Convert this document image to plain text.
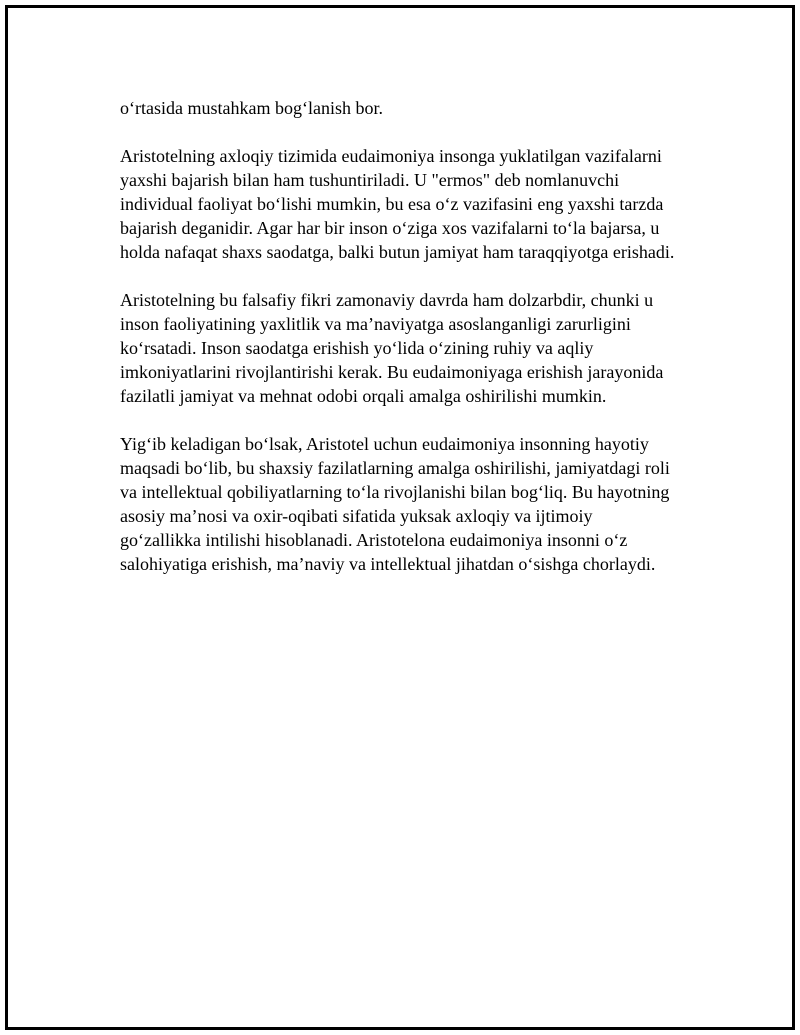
o‘rtasida mustahkam bog‘lanish bor.

Aristotelning axloqiy tizimida eudaimoniya insonga yuklatilgan vazifalarni
yaxshi bajarish bilan ham tushuntiriladi. U "ermos" deb nomlanuvchi
individual faoliyat bo‘lishi mumkin, bu esa o‘z vazifasini eng yaxshi tarzda
bajarish deganidir. Agar har bir inson o‘ziga xos vazifalarni to‘la bajarsa, u
holda nafaqat shaxs saodatga, balki butun jamiyat ham taraqqiyotga erishadi.

Aristotelning bu falsafiy fikri zamonaviy davrda ham dolzarbdir, chunki u
inson faoliyatining yaxlitlik va ma’naviyatga asoslanganligi zarurligini
ko‘rsatadi. Inson saodatga erishish yo‘lida o‘zining ruhiy va aqliy
imkoniyatlarini rivojlantirishi kerak. Bu eudaimoniyaga erishish jarayonida
fazilatli jamiyat va mehnat odobi orqali amalga oshirilishi mumkin.

Yig‘ib keladigan bo‘lsak, Aristotel uchun eudaimoniya insonning hayotiy
maqsadi bo‘lib, bu shaxsiy fazilatlarning amalga oshirilishi, jamiyatdagi roli
va intellektual qobiliyatlarning to‘la rivojlanishi bilan bog‘liq. Bu hayotning
asosiy ma’nosi va oxir-oqibati sifatida yuksak axloqiy va ijtimoiy
go‘zallikka intilishi hisoblanadi. Aristotelona eudaimoniya insonni o‘z
salohiyatiga erishish, ma’naviy va intellektual jihatdan o‘sishga chorlaydi.
